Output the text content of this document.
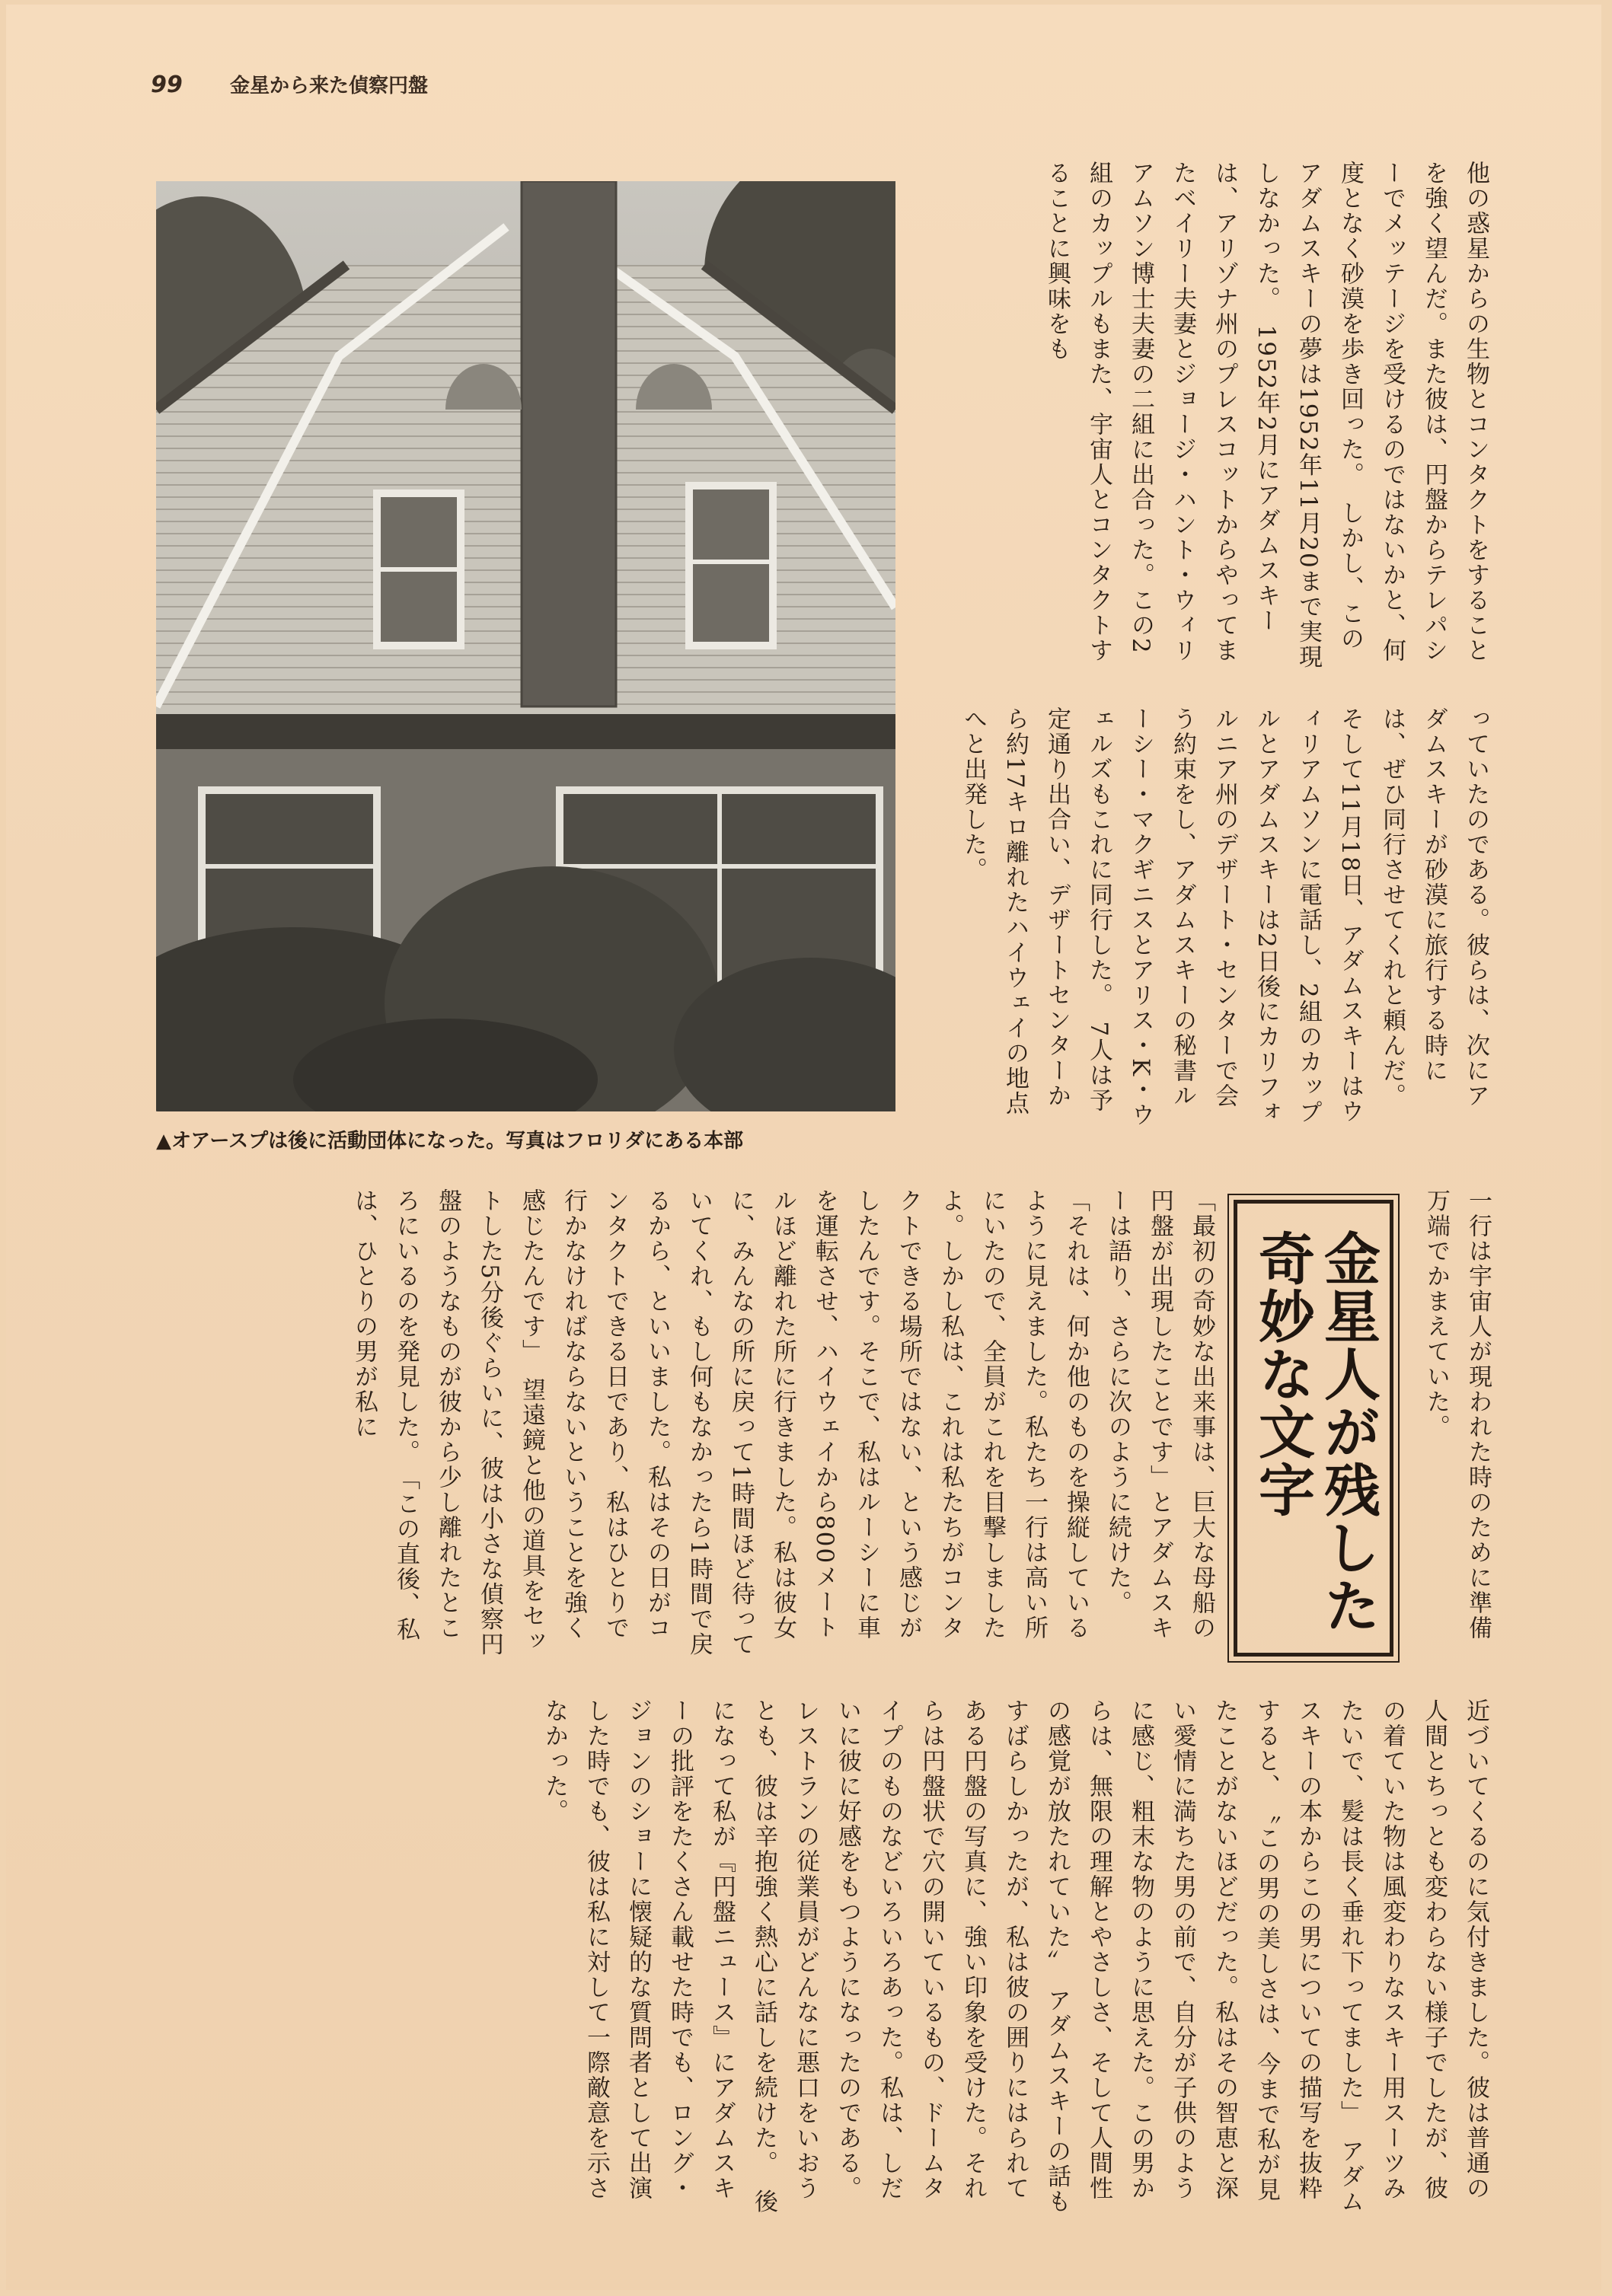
99	金星から来た偵察円盤
▲オアースプは後に活動団体になった。写真はフロリダにある本部
他の惑星からの生物とコンタクトをすることを強く望んだ。また彼は、円盤からテレパシーでメッテージを受けるのではないかと、何度となく砂漠を歩き回った。　しかし、このアダムスキーの夢は1952年11月20まで実現しなかった。　1952年2月にアダムスキーは、アリゾナ州のプレスコットからやってまたベイリー夫妻とジョージ・ハント・ウィリアムソン博士夫妻の二組に出合った。この2組のカップルもまた、宇宙人とコンタクトすることに興味をも
っていたのである。彼らは、次にアダムスキーが砂漠に旅行する時には、ぜひ同行させてくれと頼んだ。そして11月18日、アダムスキーはウィリアムソンに電話し、2組のカップルとアダムスキーは2日後にカリフォルニア州のデザート・センターで会う約束をし、アダムスキーの秘書ルーシー・マクギニスとアリス・K・ウェルズもこれに同行した。　7人は予定通り出合い、デザートセンターから約17キロ離れたハイウェイの地点へと出発した。
一行は宇宙人が現われた時のために準備万端でかまえていた。
「最初の奇妙な出来事は、巨大な母船の円盤が出現したことです」とアダムスキーは語り、さらに次のように続けた。　「それは、何か他のものを操縦しているように見えました。私たち一行は高い所にいたので、全員がこれを目撃しましたよ。しかし私は、これは私たちがコンタクトできる場所ではない、という感じがしたんです。そこで、私はルーシーに車を運転させ、ハイウェイから800メートルほど離れた所に行きました。私は彼女に、みんなの所に戻って1時間ほど待っていてくれ、もし何もなかったら1時間で戻るから、といいました。私はその日がコンタクトできる日であり、私はひとりで行かなければならないということを強く感じたんです」　望遠鏡と他の道具をセットした5分後ぐらいに、彼は小さな偵察円盤のようなものが彼から少し離れたところにいるのを発見した。　「この直後、私は、ひとりの男が私に	金星人が残した奇妙な文字
近づいてくるのに気付きました。彼は普通の人間とちっとも変わらない様子でしたが、彼の着ていた物は風変わりなスキー用スーツみたいで、髪は長く垂れ下ってました」　アダムスキーの本からこの男についての描写を抜粋すると、　〝この男の美しさは、今まで私が見たことがないほどだった。私はその智恵と深い愛情に満ちた男の前で、自分が子供のように感じ、粗末な物のように思えた。この男からは、無限の理解とやさしさ、そして人間性の感覚が放たれていた〟　アダムスキーの話もすばらしかったが、私は彼の囲りにはられてある円盤の写真に、強い印象を受けた。それらは円盤状で穴の開いているもの、ドームタイプのものなどいろいろあった。私は、しだいに彼に好感をもつようになったのである。　レストランの従業員がどんなに悪口をいおうとも、彼は辛抱強く熱心に話しを続けた。　後になって私が『円盤ニュース』にアダムスキーの批評をたくさん載せた時でも、ロング・ジョンのショーに懐疑的な質問者として出演した時でも、彼は私に対して一際敵意を示さなかった。
